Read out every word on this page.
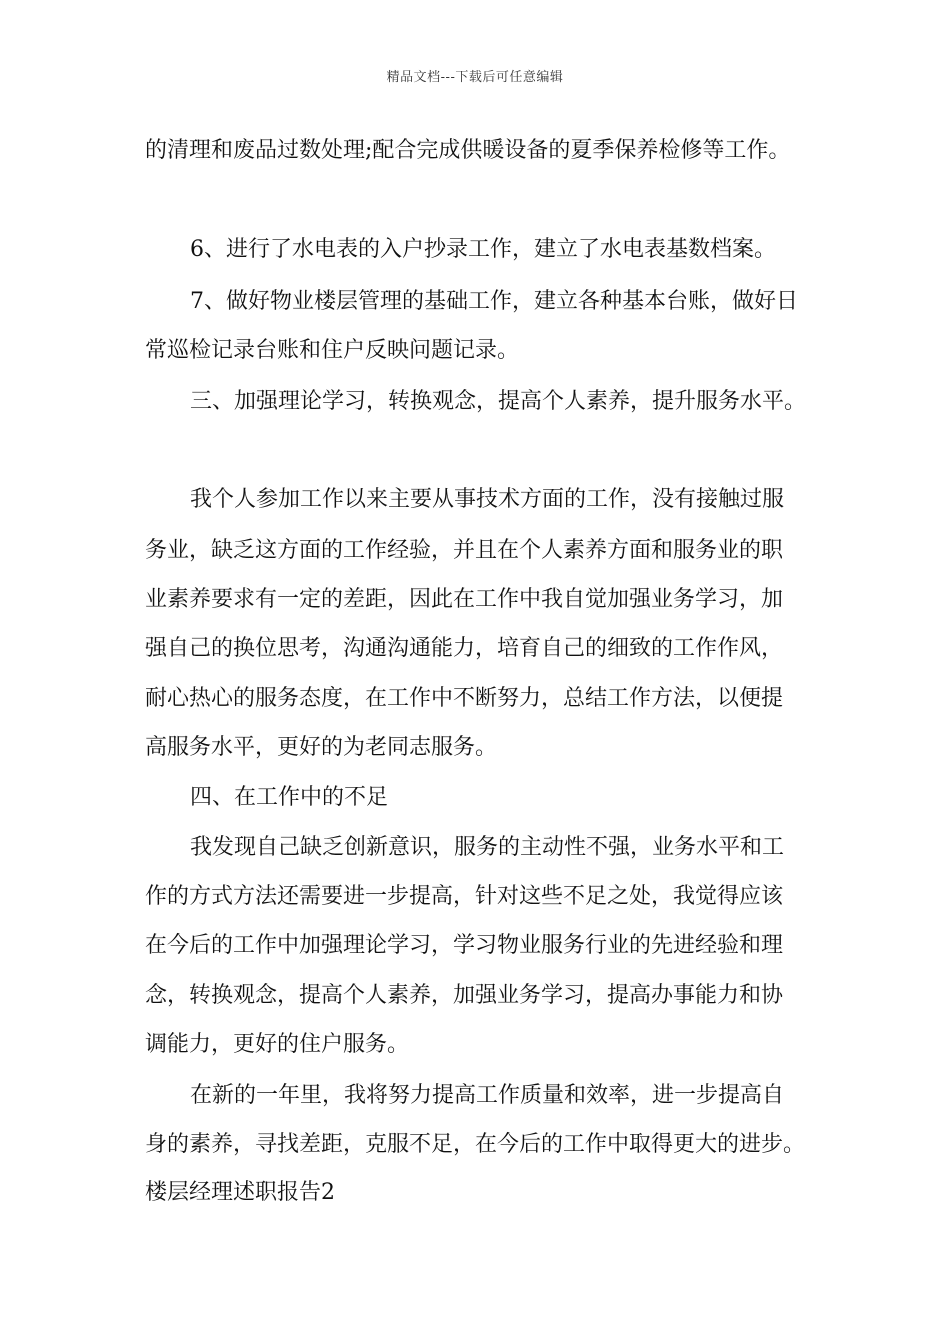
精品文档---下载后可任意编辑
的清理和废品过数处理;配合完成供暖设备的夏季保养检修等工作。
6、进行了水电表的入户抄录工作，建立了水电表基数档案。
7、做好物业楼层管理的基础工作，建立各种基本台账，做好日
常巡检记录台账和住户反映问题记录。
三、加强理论学习，转换观念，提高个人素养，提升服务水平。
我个人参加工作以来主要从事技术方面的工作，没有接触过服
务业，缺乏这方面的工作经验，并且在个人素养方面和服务业的职
业素养要求有一定的差距，因此在工作中我自觉加强业务学习，加
强自己的换位思考，沟通沟通能力，培育自己的细致的工作作风，
耐心热心的服务态度，在工作中不断努力，总结工作方法，以便提
高服务水平，更好的为老同志服务。
四、在工作中的不足
我发现自己缺乏创新意识，服务的主动性不强，业务水平和工
作的方式方法还需要进一步提高，针对这些不足之处，我觉得应该
在今后的工作中加强理论学习，学习物业服务行业的先进经验和理
念，转换观念，提高个人素养，加强业务学习，提高办事能力和协
调能力，更好的住户服务。
在新的一年里，我将努力提高工作质量和效率，进一步提高自
身的素养，寻找差距，克服不足，在今后的工作中取得更大的进步。
楼层经理述职报告2
